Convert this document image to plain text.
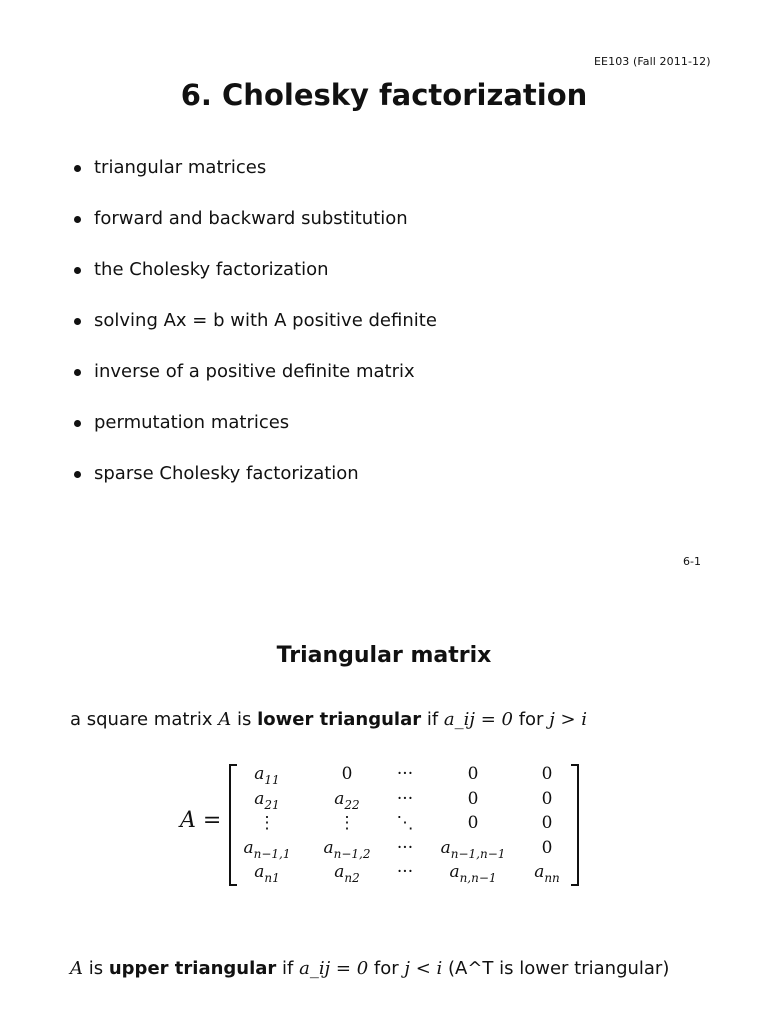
EE103 (Fall 2011-12)
6. Cholesky factorization
triangular matrices
forward and backward substitution
the Cholesky factorization
solving Ax = b with A positive definite
inverse of a positive definite matrix
permutation matrices
sparse Cholesky factorization
6-1
Triangular matrix
a square matrix A is lower triangular if a_ij = 0 for j > i
A =
$a_{11}$	0	···	0	0
$a_{21}$	$a_{22}$	···	0	0
⋮	⋮	⋱	0	0
$a_{n-1,1}$	$a_{n-1,2}$	···	$a_{n-1,n-1}$	0
$a_{n1}$	$a_{n2}$	···	$a_{n,n-1}$	$a_{nn}$
A is upper triangular if a_ij = 0 for j < i (A^T is lower triangular)
